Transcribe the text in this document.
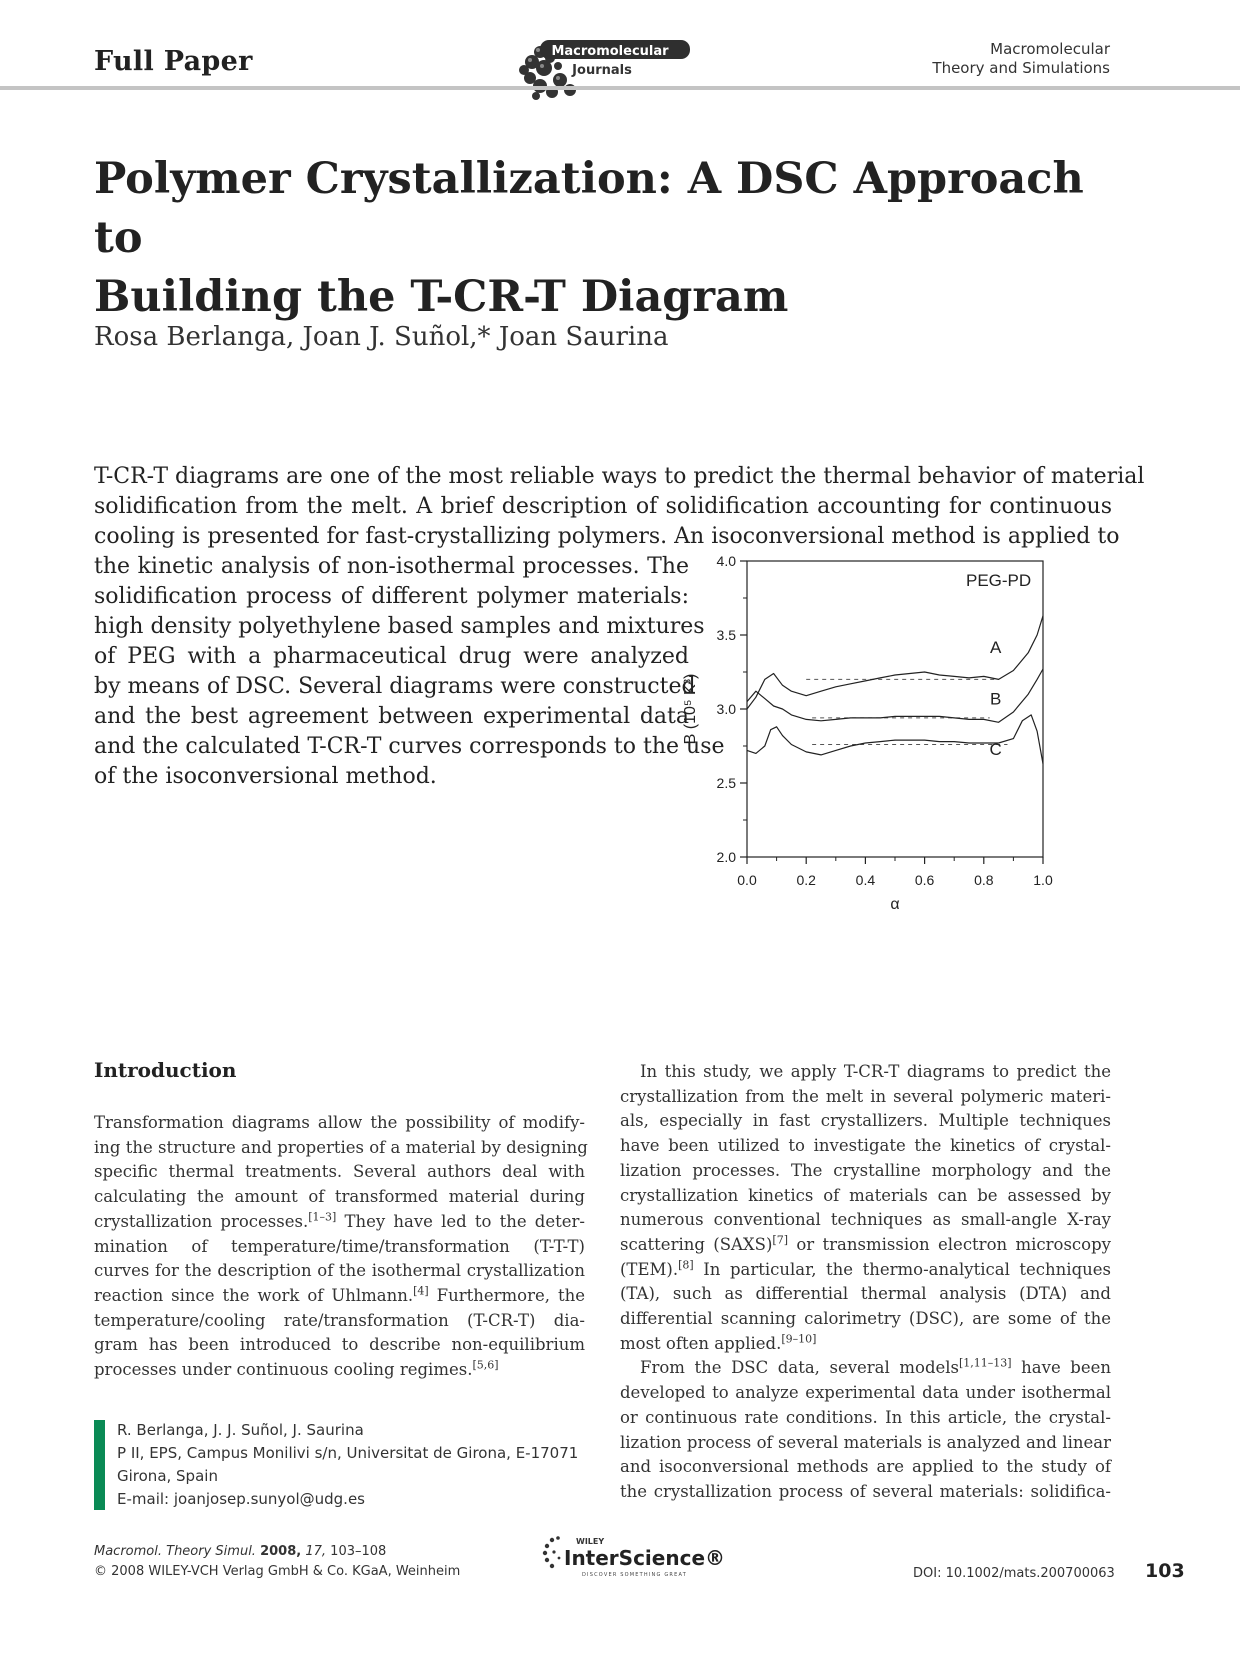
Full Paper	Macromolecular
Journals
Macromolecular
Theory and Simulations
Polymer Crystallization: A DSC Approach to
Building the T-CR-T Diagram
Rosa Berlanga, Joan J. Suñol,* Joan Saurina
T-CR-T diagrams are one of the most reliable ways to predict the thermal behavior of material
solidification from the melt. A brief description of solidification accounting for continuous
cooling is presented for fast-crystallizing polymers. An isoconversional method is applied to
the kinetic analysis of non-isothermal processes. The
solidification process of different polymer materials:
high density polyethylene based samples and mixtures
of PEG with a pharmaceutical drug were analyzed
by means of DSC. Several diagrams were constructed
and the best agreement between experimental data
and the calculated T-CR-T curves corresponds to the use
of the isoconversional method.
2.0
2.5
3.0
3.5
4.0
0.0	0.2	0.4	0.6	0.8	1.0
α
B (10⁵ K³)
PEG-PD
A
B
C
Introduction
Transformation diagrams allow the possibility of modify-
ing the structure and properties of a material by designing
specific thermal treatments. Several authors deal with
calculating the amount of transformed material during
crystallization processes.[1–3] They have led to the deter-
mination of temperature/time/transformation (T-T-T)
curves for the description of the isothermal crystallization
reaction since the work of Uhlmann.[4] Furthermore, the
temperature/cooling rate/transformation (T-CR-T) dia-
gram has been introduced to describe non-equilibrium
processes under continuous cooling regimes.[5,6]
In this study, we apply T-CR-T diagrams to predict the
crystallization from the melt in several polymeric materi-
als, especially in fast crystallizers. Multiple techniques
have been utilized to investigate the kinetics of crystal-
lization processes. The crystalline morphology and the
crystallization kinetics of materials can be assessed by
numerous conventional techniques as small-angle X-ray
scattering (SAXS)[7] or transmission electron microscopy
(TEM).[8] In particular, the thermo-analytical techniques
(TA), such as differential thermal analysis (DTA) and
differential scanning calorimetry (DSC), are some of the
most often applied.[9–10]
From the DSC data, several models[1,11–13] have been
developed to analyze experimental data under isothermal
or continuous rate conditions. In this article, the crystal-
lization process of several materials is analyzed and linear
and isoconversional methods are applied to the study of
the crystallization process of several materials: solidifica-
R. Berlanga, J. J. Suñol, J. Saurina
P II, EPS, Campus Monilivi s/n, Universitat de Girona, E-17071
Girona, Spain
E-mail: joanjosep.sunyol@udg.es
Macromol. Theory Simul. 2008, 17, 103–108
© 2008 WILEY-VCH Verlag GmbH & Co. KGaA, Weinheim
WILEY
InterScience®
DISCOVER SOMETHING GREAT	DOI: 10.1002/mats.200700063 103
